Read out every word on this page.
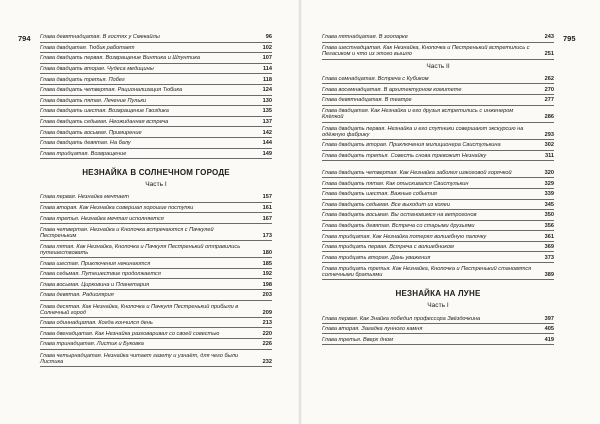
794 Глава девятнадцатая. В гостях у Смекайлы	96
Глава двадцатая. Тюбик работает	102
Глава двадцать первая. Возвращение Винтика и Шпунтика	107
Глава двадцать вторая. Чудеса медицины	114
Глава двадцать третья. Побег	118
Глава двадцать четвертая. Рационализация Тюбика	124
Глава двадцать пятая. Лечение Пульки	130
Глава двадцать шестая. Возвращение Гвоздика	135
Глава двадцать седьмая. Неожиданная встреча	137
Глава двадцать восьмая. Примирение	142
Глава двадцать девятая. На балу	144
Глава тридцатая. Возвращение	149
НЕЗНАЙКА В СОЛНЕЧНОМ ГОРОДЕ
Часть I
Глава первая. Незнайка мечтает	157
Глава вторая. Как Незнайка совершал хорошие поступки	161
Глава третья. Незнайка мечтал исполняется	167
Глава четвертая. Незнайка и Кнопочка встречаются с Пачкулей Пестреньким	173
Глава пятая. Как Незнайка, Кнопочка и Пачкуля Пестренький отправились путешествовать	180
Глава шестая. Приключения начинаются	185
Глава седьмая. Путешествие продолжается	192
Глава восьмая. Цирковина и Планетария	198
Глава девятая. Радиолярия	203
Глава десятая. Как Незнайка, Кнопочка и Пачкуля Пестренький прибыли в Солнечный город	209
Глава одиннадцатая. Когда кончился день	213
Глава двенадцатая. Как Незнайка разговаривал со своей совестью	220
Глава тринадцатая. Листик и Буковка	226
Глава четырнадцатая. Незнайка читает газету и узнаёт, для чего были Листика	232
795
Глава пятнадцатая. В зоопарке	243
Глава шестнадцатая. Как Незнайка, Кнопочка и Пестренький встретились с Пегасиком и что из этого вышло	251
Часть II
Глава семнадцатая. Встреча с Кубиком	262
Глава восемнадцатая. В архитектурном комитете	270
Глава девятнадцатая. В театре	277
Глава двадцатая. Как Незнайка и его друзья встретились с инженером Клёпкой	286
Глава двадцать первая. Незнайка и его спутники совершают экскурсию на одёжную фабрику	293
Глава двадцать вторая. Приключения милиционера Свистулькина	302
Глава двадцать третья. Совесть снова тревожит Незнайку	311
Глава двадцать четвертая. Как Незнайка заболел изжоговой горячкой	320
Глава двадцать пятая. Как отыскивался Свистулькин	329
Глава двадцать шестая. Важные события	339
Глава двадцать седьмая. Все выходит из колеи	345
Глава двадцать восьмая. Вы остановимся на ветрогонов	350
Глава двадцать девятая. Встреча со старыми друзьями	356
Глава тридцатая. Как Незнайка потерял волшебную палочку	361
Глава тридцать первая. Встреча с волшебником	369
Глава тридцать вторая. Дань уважения	373
Глава тридцать третья. Как Незнайка, Кнопочка и Пестренький становятся солнечными братьями	389
НЕЗНАЙКА НА ЛУНЕ
Часть I
Глава первая. Как Знайка победил профессора Звёздочкина	397
Глава вторая. Загадка лунного камня	405
Глава третья. Вверх дном	419
